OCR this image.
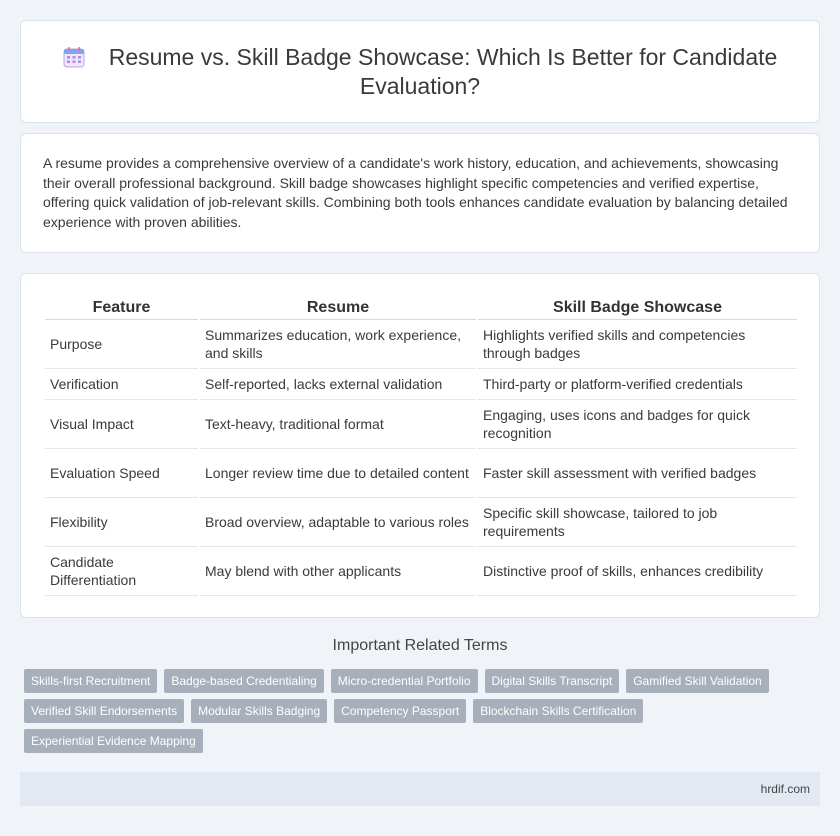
Resume vs. Skill Badge Showcase: Which Is Better for Candidate Evaluation?

A resume provides a comprehensive overview of a candidate's work history, education, and achievements, showcasing their overall professional background. Skill badge showcases highlight specific competencies and verified expertise, offering quick validation of job-relevant skills. Combining both tools enhances candidate evaluation by balancing detailed experience with proven abilities.

Feature	Resume	Skill Badge Showcase
Purpose	Summarizes education, work experience, and skills	Highlights verified skills and competencies through badges
Verification	Self-reported, lacks external validation	Third-party or platform-verified credentials
Visual Impact	Text-heavy, traditional format	Engaging, uses icons and badges for quick recognition
Evaluation Speed	Longer review time due to detailed content	Faster skill assessment with verified badges
Flexibility	Broad overview, adaptable to various roles	Specific skill showcase, tailored to job requirements
Candidate Differentiation	May blend with other applicants	Distinctive proof of skills, enhances credibility
Important Related Terms
Skills-first Recruitment	Badge-based Credentialing	Micro-credential Portfolio	Digital Skills Transcript	Gamified Skill Validation
Verified Skill Endorsements	Modular Skills Badging	Competency Passport	Blockchain Skills Certification
Experiential Evidence Mapping
hrdif.com
